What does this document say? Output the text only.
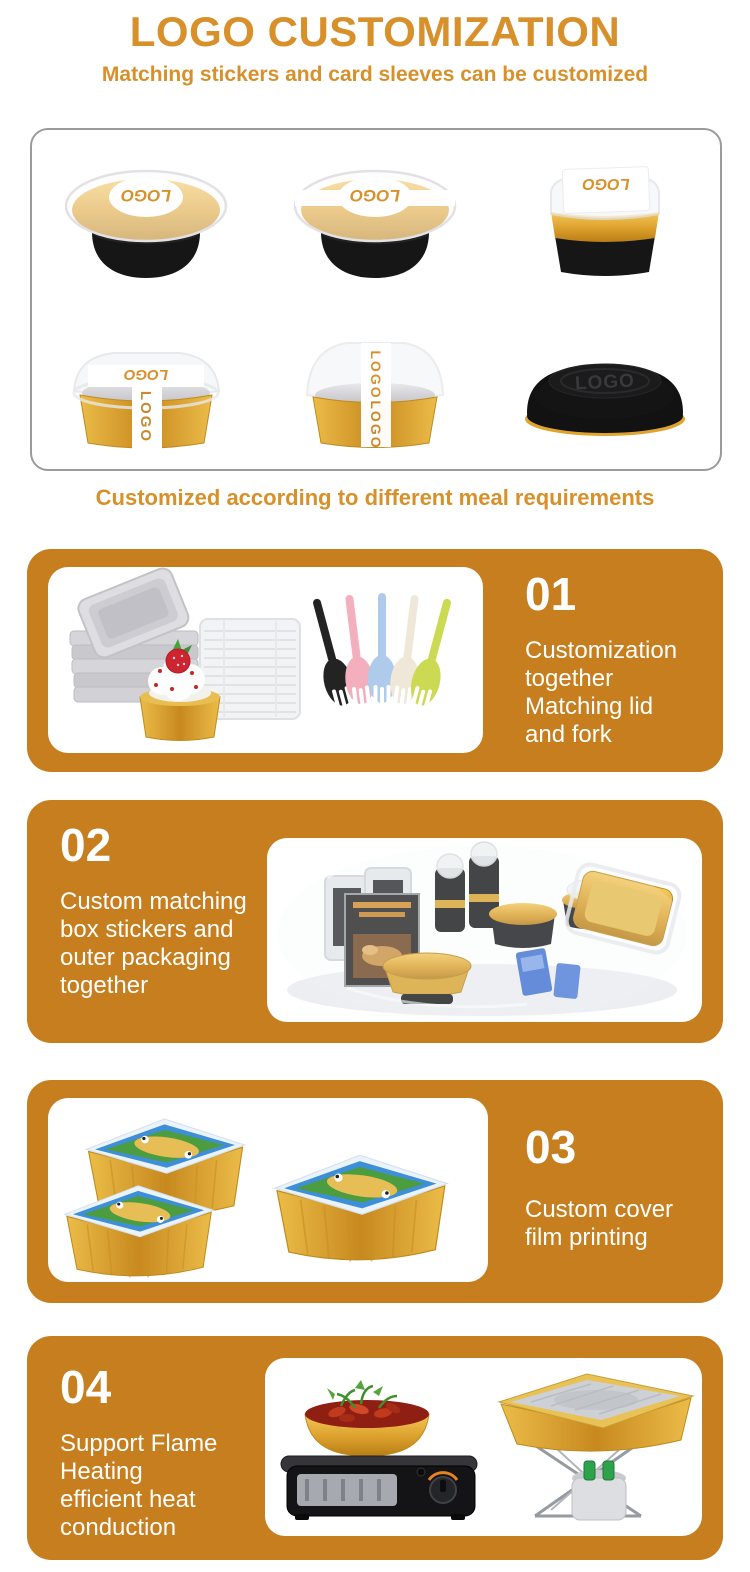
LOGO CUSTOMIZATION
Matching stickers and card sleeves can be customized
LOGO	LOGO
LOGO
LOGO
LOGO
LOGO
LOGO
LOGO
Customized according to different meal requirements
01
Customization
together
Matching lid
and fork
02
Custom matching
box stickers and
outer packaging
together
03
Custom cover
film printing
04
Support Flame
Heating
efficient heat
conduction
